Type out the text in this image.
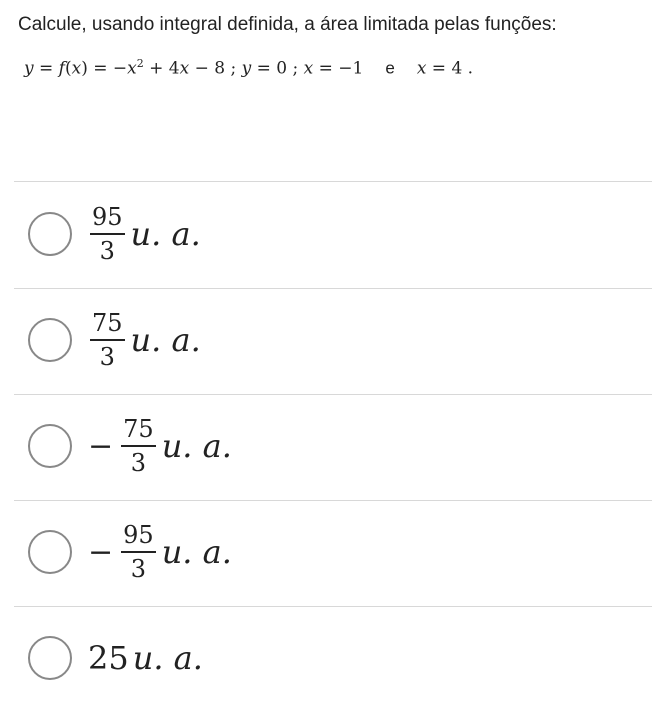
Calcule, usando integral definida, a área limitada pelas funções:
$y = f(x) = -x^2 + 4x - 8$ ; y = 0 ; x = −1 e x = 4 .
$\frac{95}{3} u$. a.
$\frac{75}{3} u$. a.
− $\frac{75}{3} u$. a.
− $\frac{95}{3} u$. a.
25 u. a.
